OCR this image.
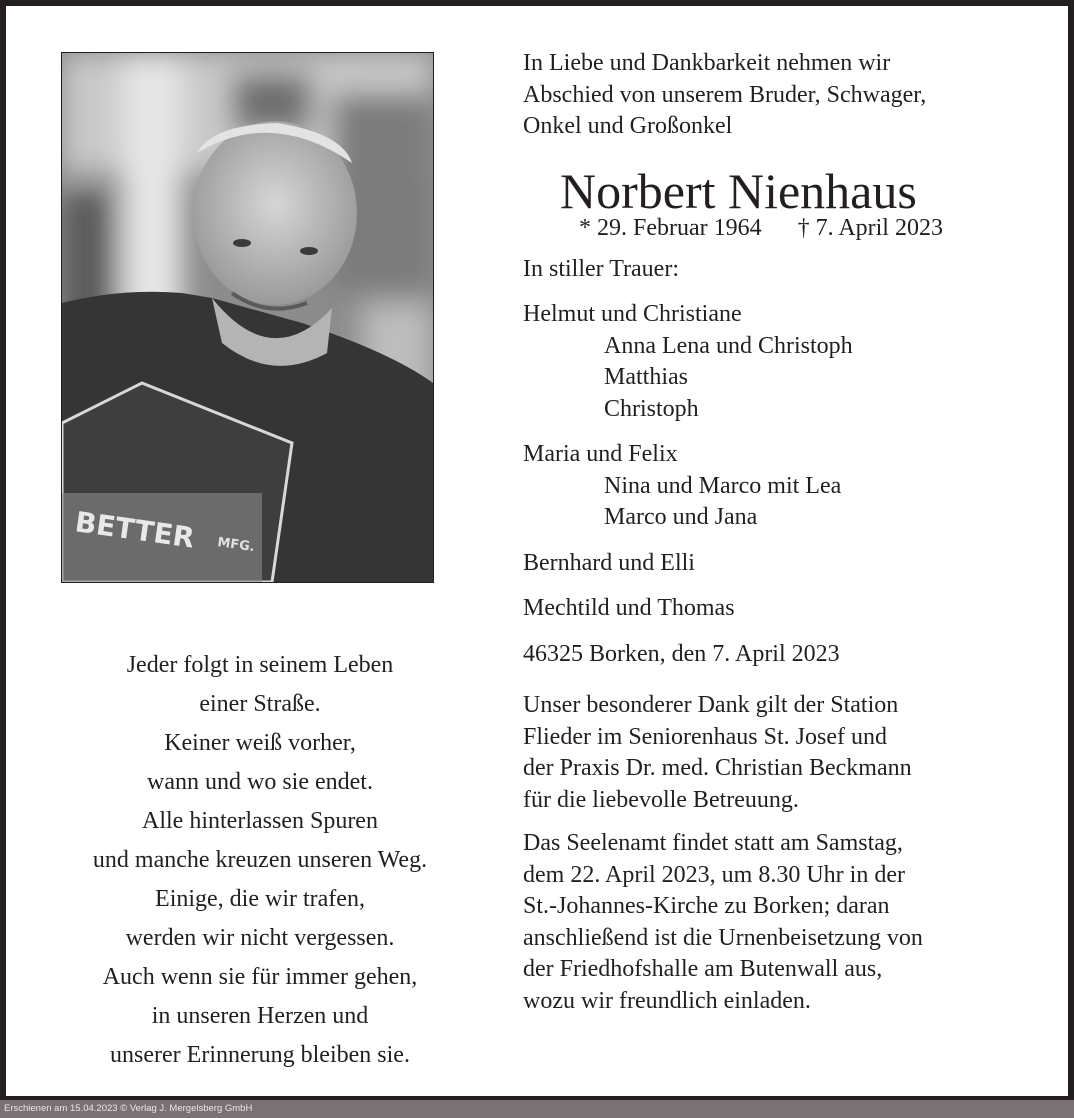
BETTER MFG.
Jeder folgt in seinem Leben
einer Straße.
Keiner weiß vorher,
wann und wo sie endet.
Alle hinterlassen Spuren
und manche kreuzen unseren Weg.
Einige, die wir trafen,
werden wir nicht vergessen.
Auch wenn sie für immer gehen,
in unseren Herzen und
unserer Erinnerung bleiben sie.
In Liebe und Dankbarkeit nehmen wir
Abschied von unserem Bruder, Schwager,
Onkel und Großonkel
Norbert Nienhaus
* 29. Februar 1964 † 7. April 2023
In stiller Trauer:
Helmut und Christiane
Anna Lena und Christoph
Matthias
Christoph
Maria und Felix
Nina und Marco mit Lea
Marco und Jana
Bernhard und Elli
Mechtild und Thomas
46325 Borken, den 7. April 2023
Unser besonderer Dank gilt der Station
Flieder im Seniorenhaus St. Josef und
der Praxis Dr. med. Christian Beckmann
für die liebevolle Betreuung.
Das Seelenamt findet statt am Samstag,
dem 22. April 2023, um 8.30 Uhr in der
St.-Johannes-Kirche zu Borken; daran
anschließend ist die Urnenbeisetzung von
der Friedhofshalle am Butenwall aus,
wozu wir freundlich einladen.
Erschienen am 15.04.2023 © Verlag J. Mergelsberg GmbH
